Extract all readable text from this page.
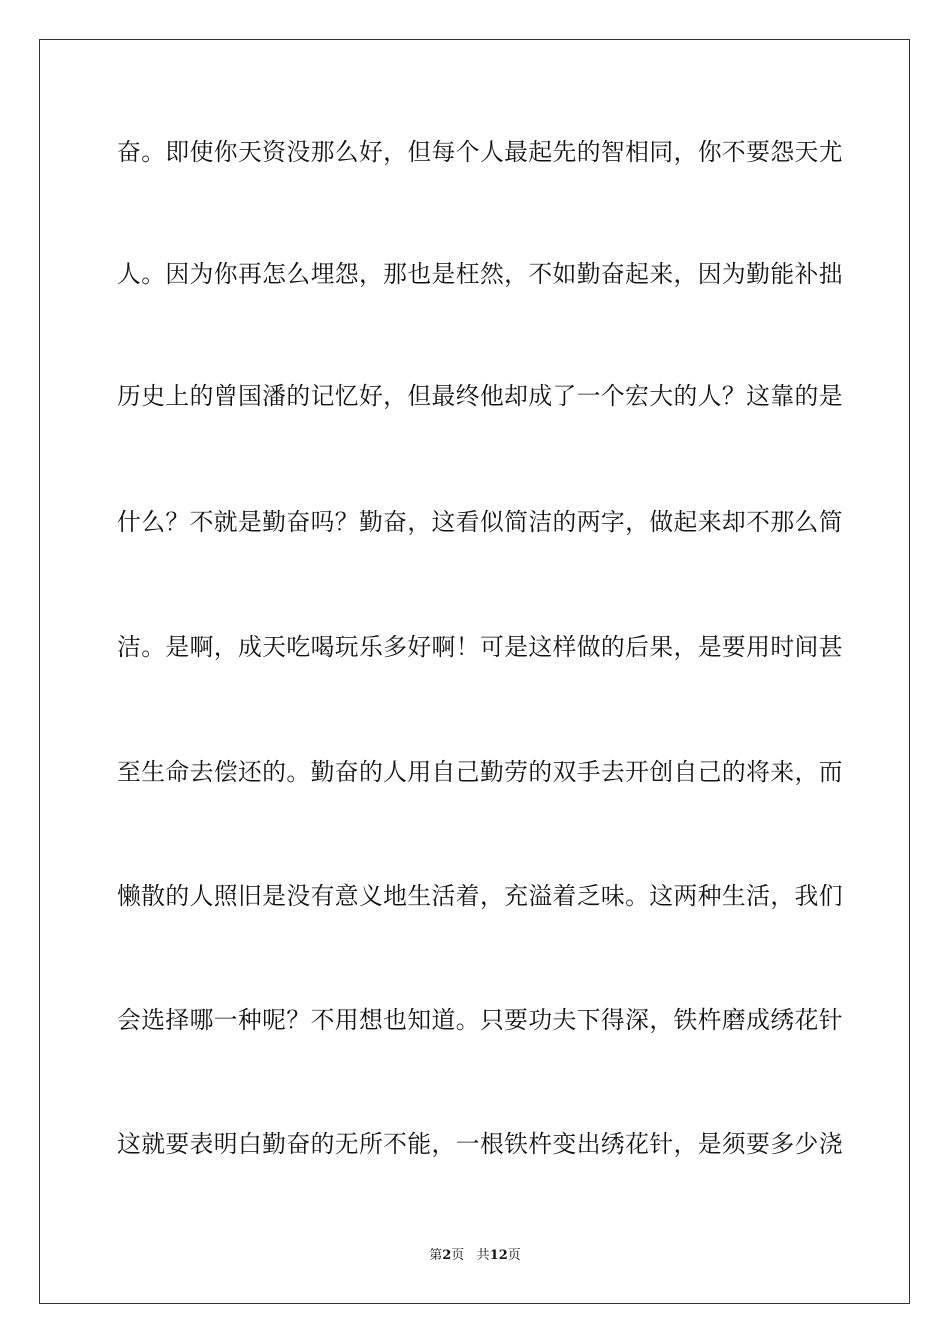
奋。即使你天资没那么好，但每个人最起先的智相同，你不要怨天尤
人。因为你再怎么埋怨，那也是枉然，不如勤奋起来，因为勤能补拙
历史上的曾国潘的记忆好，但最终他却成了一个宏大的人？这靠的是
什么？不就是勤奋吗？勤奋，这看似简洁的两字，做起来却不那么简
洁。是啊，成天吃喝玩乐多好啊！可是这样做的后果，是要用时间甚
至生命去偿还的。勤奋的人用自己勤劳的双手去开创自己的将来，而
懒散的人照旧是没有意义地生活着，充溢着乏味。这两种生活，我们
会选择哪一种呢？不用想也知道。只要功夫下得深，铁杵磨成绣花针
这就要表明白勤奋的无所不能，一根铁杵变出绣花针，是须要多少浇
第2页 共12页
